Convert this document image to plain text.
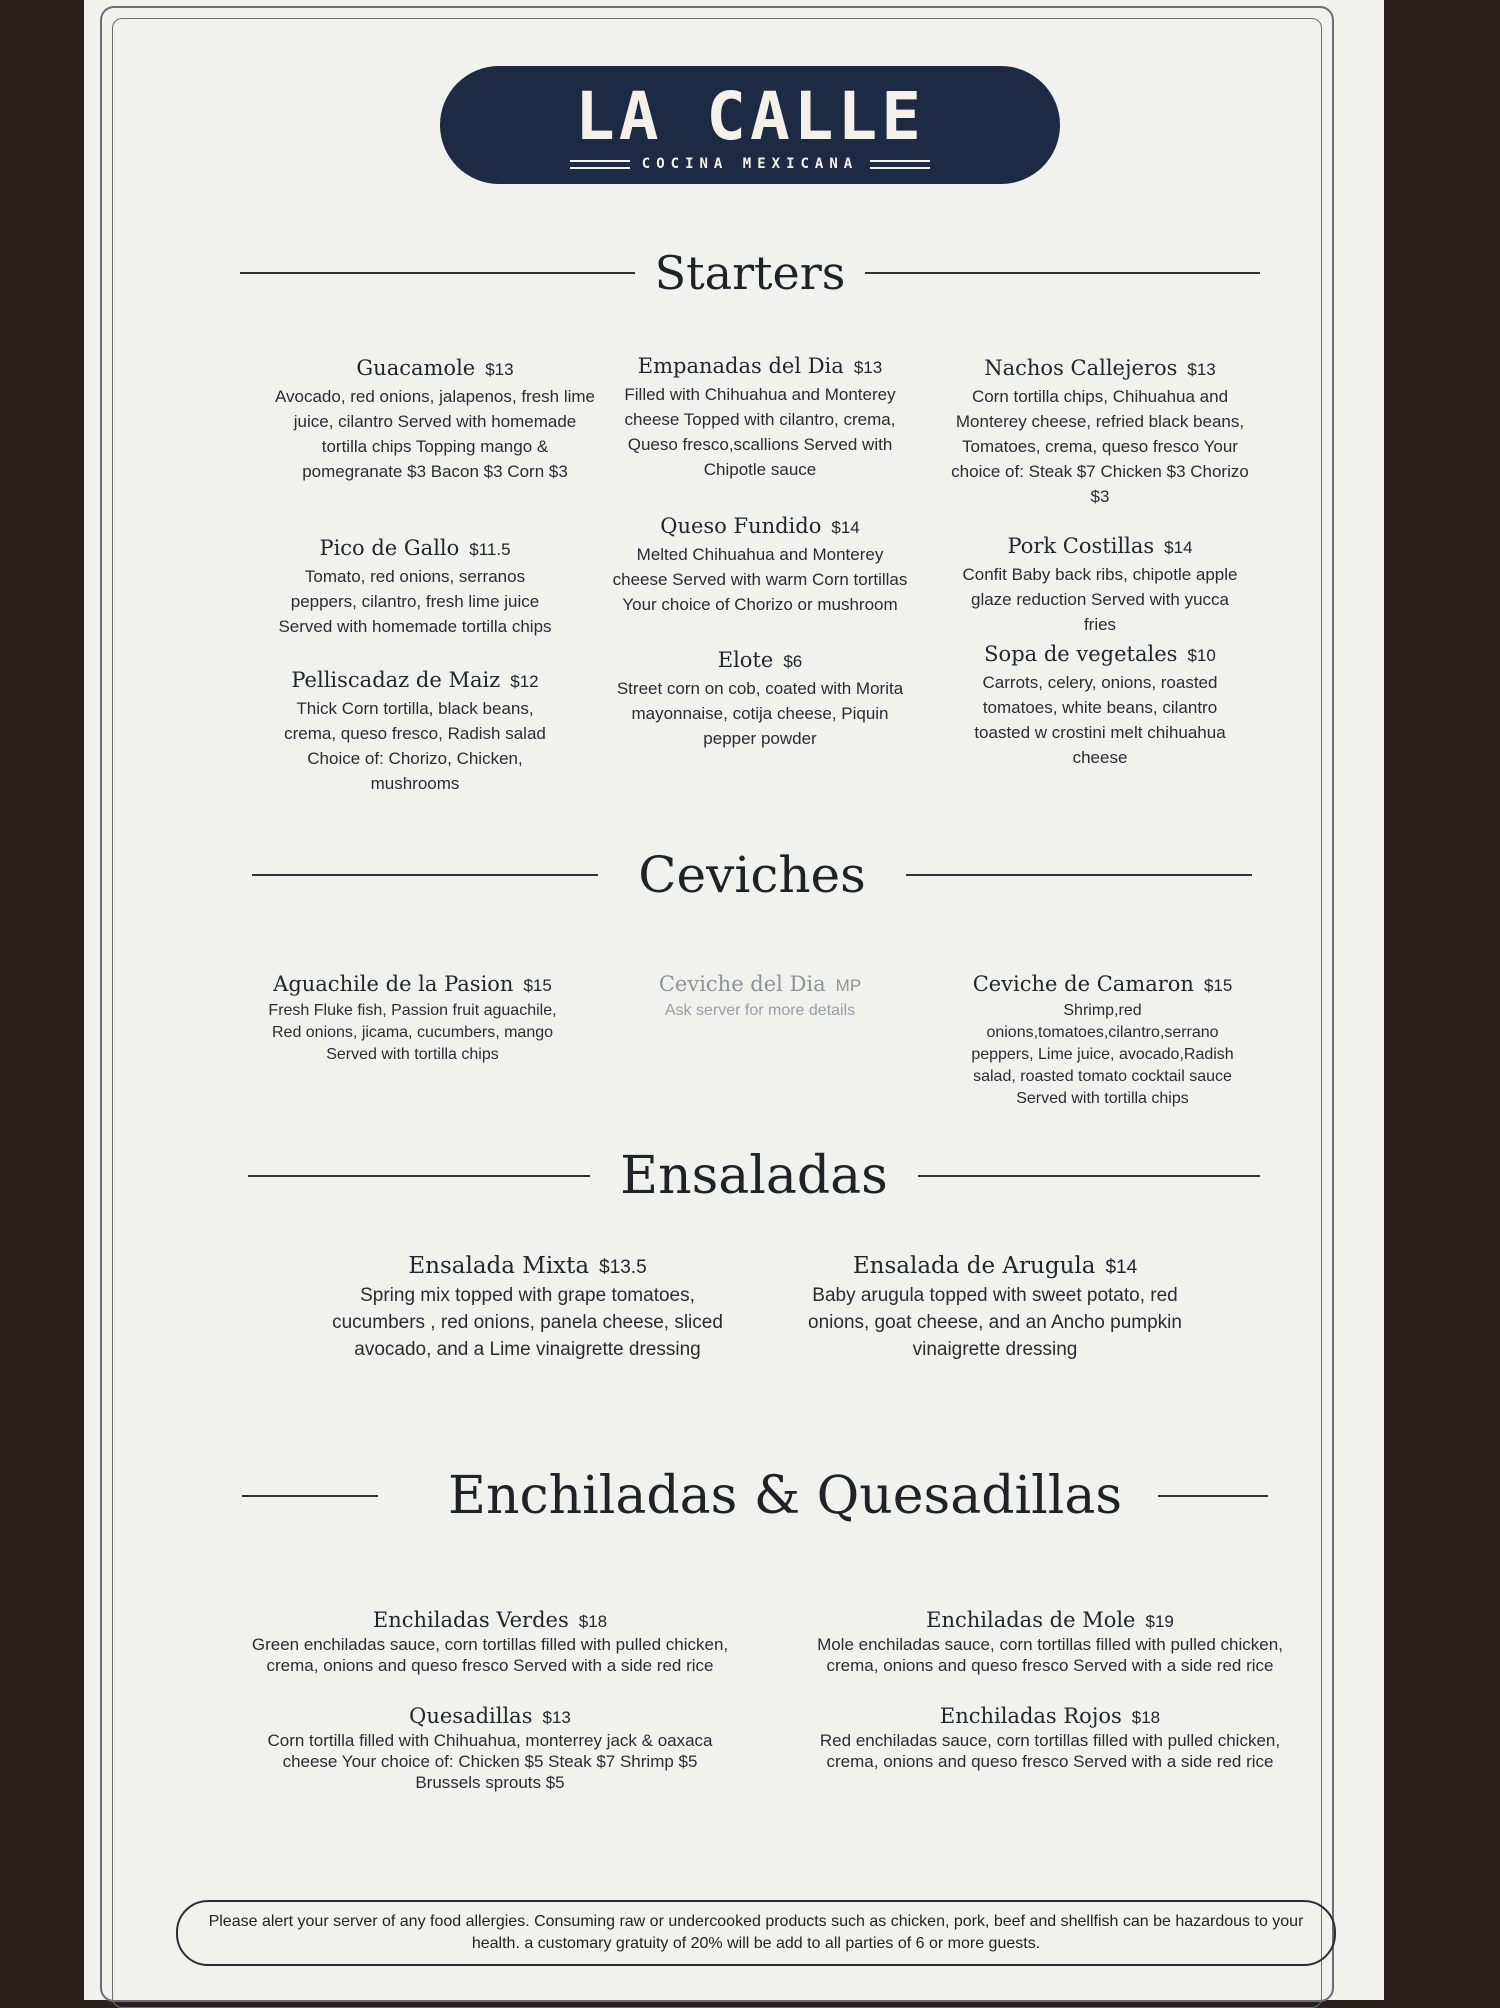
LA CALLE
COCINA MEXICANA
Starters
Guacamole $13
Avocado, red onions, jalapenos, fresh lime juice, cilantro Served with homemade tortilla chips Topping mango & pomegranate $3 Bacon $3 Corn $3
Empanadas del Dia $13
Filled with Chihuahua and Monterey cheese Topped with cilantro, crema, Queso fresco,scallions Served with Chipotle sauce
Nachos Callejeros $13
Corn tortilla chips, Chihuahua and Monterey cheese, refried black beans, Tomatoes, crema, queso fresco Your choice of: Steak $7 Chicken $3 Chorizo $3
Pico de Gallo $11.5
Tomato, red onions, serranos peppers, cilantro, fresh lime juice Served with homemade tortilla chips
Queso Fundido $14
Melted Chihuahua and Monterey cheese Served with warm Corn tortillas Your choice of Chorizo or mushroom
Pork Costillas $14
Confit Baby back ribs, chipotle apple glaze reduction Served with yucca fries
Pelliscadaz de Maiz $12
Thick Corn tortilla, black beans, crema, queso fresco, Radish salad Choice of: Chorizo, Chicken, mushrooms
Elote $6
Street corn on cob, coated with Morita mayonnaise, cotija cheese, Piquin pepper powder
Sopa de vegetales $10
Carrots, celery, onions, roasted tomatoes, white beans, cilantro toasted w crostini melt chihuahua cheese
Ceviches
Aguachile de la Pasion $15
Fresh Fluke fish, Passion fruit aguachile, Red onions, jicama, cucumbers, mango Served with tortilla chips
Ceviche del Dia MP
Ask server for more details
Ceviche de Camaron $15
Shrimp,red onions,tomatoes,cilantro,serrano peppers, Lime juice, avocado,Radish salad, roasted tomato cocktail sauce Served with tortilla chips
Ensaladas
Ensalada Mixta $13.5
Spring mix topped with grape tomatoes, cucumbers , red onions, panela cheese, sliced avocado, and a Lime vinaigrette dressing
Ensalada de Arugula $14
Baby arugula topped with sweet potato, red onions, goat cheese, and an Ancho pumpkin vinaigrette dressing
Enchiladas & Quesadillas
Enchiladas Verdes $18
Green enchiladas sauce, corn tortillas filled with pulled chicken, crema, onions and queso fresco Served with a side red rice
Enchiladas de Mole $19
Mole enchiladas sauce, corn tortillas filled with pulled chicken, crema, onions and queso fresco Served with a side red rice
Quesadillas $13
Corn tortilla filled with Chihuahua, monterrey jack & oaxaca cheese Your choice of: Chicken $5 Steak $7 Shrimp $5 Brussels sprouts $5
Enchiladas Rojos $18
Red enchiladas sauce, corn tortillas filled with pulled chicken, crema, onions and queso fresco Served with a side red rice
Please alert your server of any food allergies. Consuming raw or undercooked products such as chicken, pork, beef and shellfish can be hazardous to your health. a customary gratuity of 20% will be add to all parties of 6 or more guests.
